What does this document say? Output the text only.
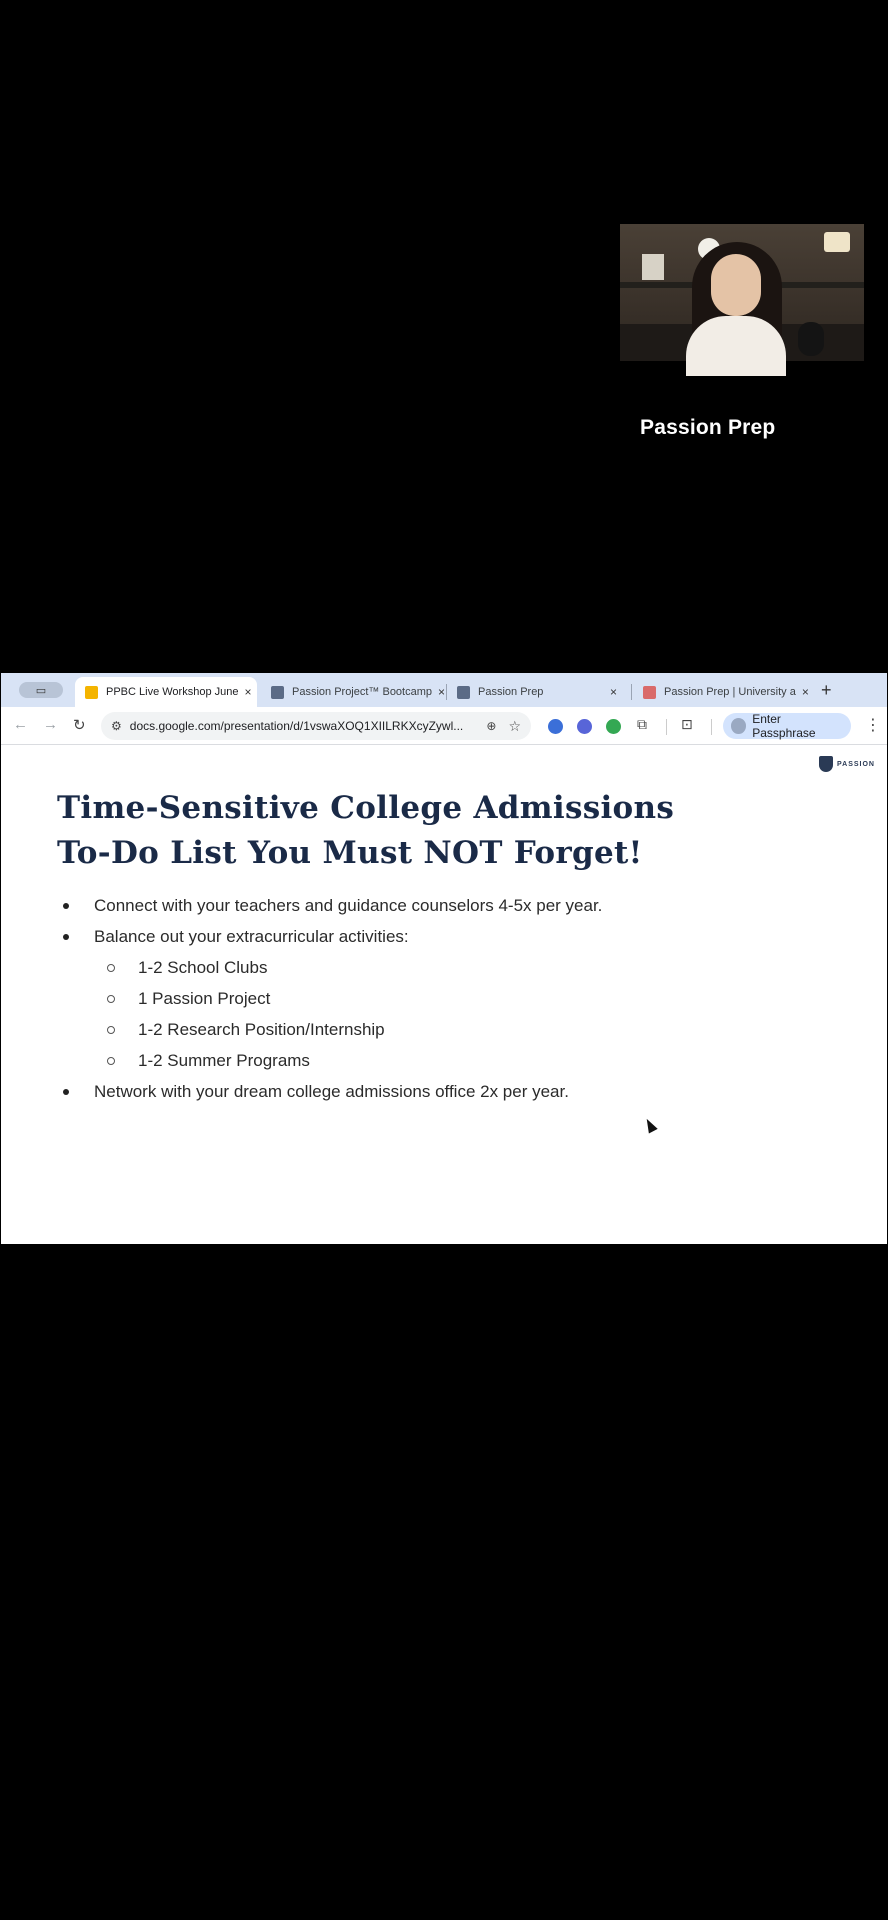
Passion Prep
▭	PPBC Live Workshop June ×	Passion Project™ Bootcamp ×	Passion Prep	×	Passion Prep | University a × +
← → ↻ ⚙ docs.google.com/presentation/d/1vswaXOQ1XIILRKXcyZywl...	⊕ ☆	⧉ ⊡	Enter Passphrase	⋮
PASSION
Time-Sensitive College Admissions
To-Do List You Must NOT Forget!
Connect with your teachers and guidance counselors 4-5x per year.
Balance out your extracurricular activities:
1-2 School Clubs
1 Passion Project
1-2 Research Position/Internship
1-2 Summer Programs
Network with your dream college admissions office 2x per year.
